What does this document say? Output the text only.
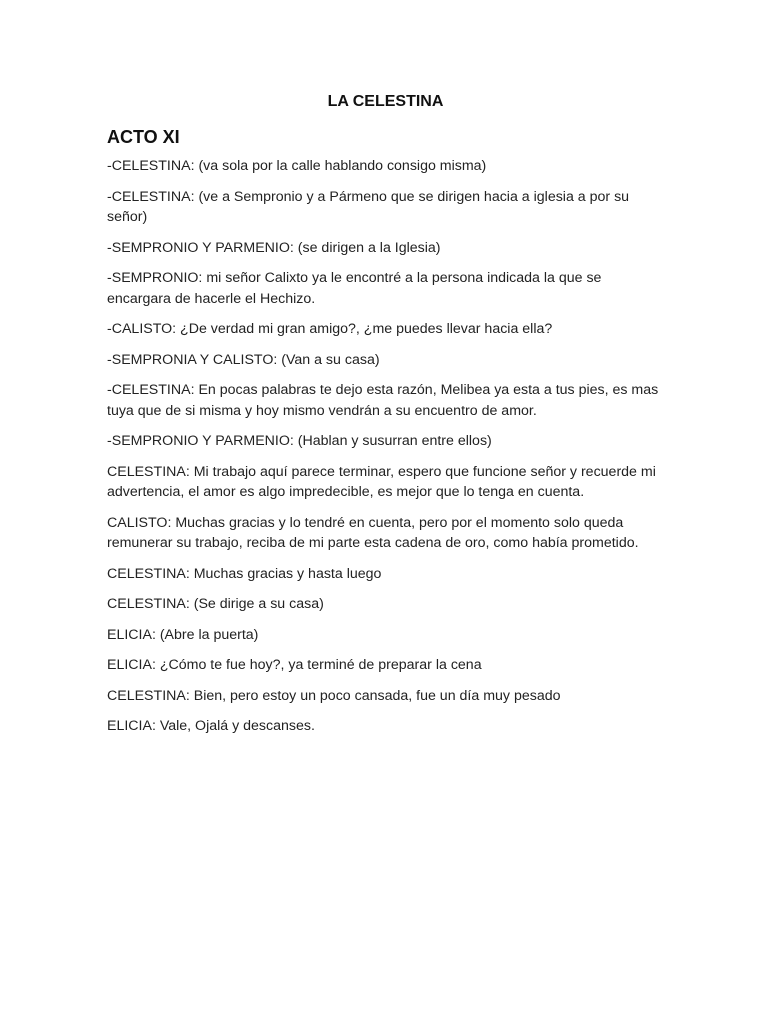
LA CELESTINA
ACTO XI

-CELESTINA: (va sola por la calle hablando consigo misma)

-CELESTINA: (ve a Sempronio y a Pármeno que se dirigen hacia a iglesia a por su señor)

-SEMPRONIO Y PARMENIO: (se dirigen a la Iglesia)

-SEMPRONIO: mi señor Calixto ya le encontré a la persona indicada la que se encargara de hacerle el Hechizo.

-CALISTO: ¿De verdad mi gran amigo?, ¿me puedes llevar hacia ella?

-SEMPRONIA Y CALISTO: (Van a su casa)

-CELESTINA: En pocas palabras te dejo esta razón, Melibea ya esta a tus pies, es mas tuya que de si misma y hoy mismo vendrán a su encuentro de amor.

-SEMPRONIO Y PARMENIO: (Hablan y susurran entre ellos)

CELESTINA: Mi trabajo aquí parece terminar, espero que funcione señor y recuerde mi advertencia, el amor es algo impredecible, es mejor que lo tenga en cuenta.

CALISTO: Muchas gracias y lo tendré en cuenta, pero por el momento solo queda remunerar su trabajo, reciba de mi parte esta cadena de oro, como había prometido.

CELESTINA: Muchas gracias y hasta luego

CELESTINA: (Se dirige a su casa)

ELICIA: (Abre la puerta)

ELICIA: ¿Cómo te fue hoy?, ya terminé de preparar la cena

CELESTINA: Bien, pero estoy un poco cansada, fue un día muy pesado

ELICIA: Vale, Ojalá y descanses.
